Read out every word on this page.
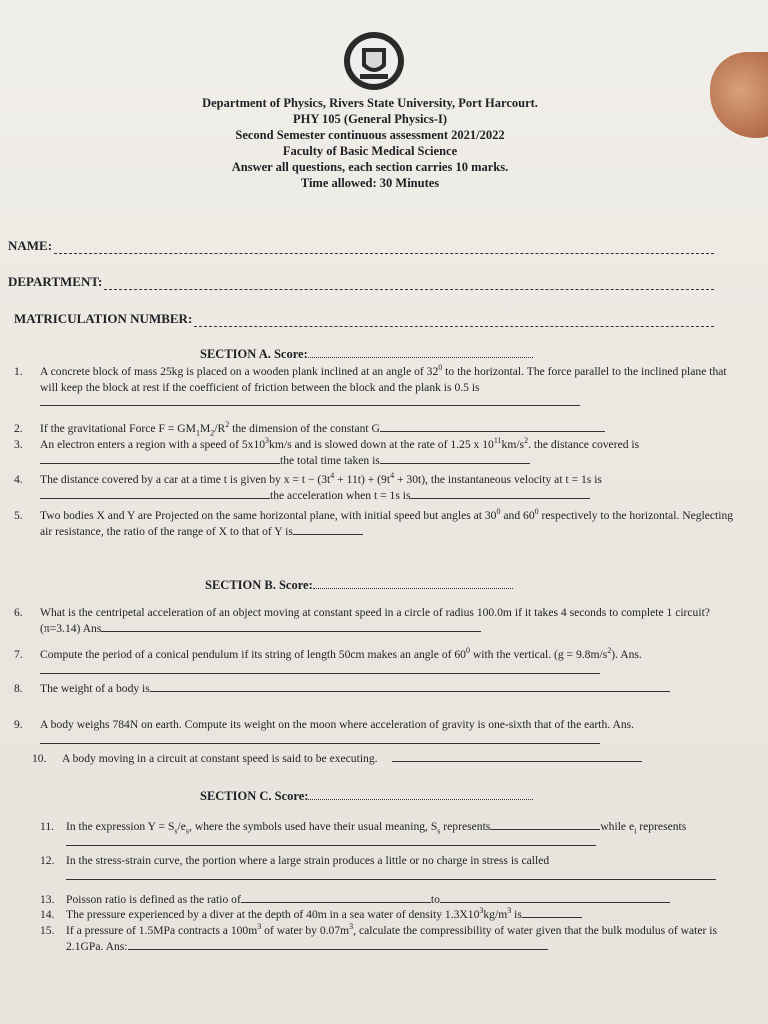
Department of Physics, Rivers State University, Port Harcourt.
PHY 105 (General Physics-I)
Second Semester continuous assessment 2021/2022
Faculty of Basic Medical Science
Answer all questions, each section carries 10 marks.
Time allowed: 30 Minutes
NAME:
DEPARTMENT:
MATRICULATION NUMBER:
SECTION A. Score:
1.	A concrete block of mass 25kg is placed on a wooden plank inclined at an angle of $32^0$ to the horizontal. The force parallel to the inclined plane that will keep the block at rest if the coefficient of friction between the block and the plank is 0.5 is
2.	If the gravitational Force $F = GM_1M_2/R^2$ the dimension of the constant G
3.	An electron enters a region with a speed of $5x10^3km/s$ and is slowed down at the rate of 1.25 x $10^{11}km/s^2$. the distance covered isthe total time taken is
4.	The distance covered by a car at a time t is given by $x = t - (3t^4 + 11t) + (9t^4 + 30t)$, the instantaneous velocity at t = 1s isthe acceleration when t = 1s is
5.	Two bodies X and Y are Projected on the same horizontal plane, with initial speed but angles at $30^0$ and $60^0$ respectively to the horizontal. Neglecting air resistance, the ratio of the range of X to that of Y is
SECTION B. Score:
6.	What is the centripetal acceleration of an object moving at constant speed in a circle of radius 100.0m if it takes 4 seconds to complete 1 circuit? (π=3.14) Ans
7.	Compute the period of a conical pendulum if its string of length 50cm makes an angle of $60^0$ with the vertical. $(g = 9.8m/s^2)$. Ans.
8.	The weight of a body is
9.	A body weighs 784N on earth. Compute its weight on the moon where acceleration of gravity is one-sixth that of the earth. Ans.
10.	A body moving in a circuit at constant speed is said to be executing.
SECTION C. Score:
11.	In the expression $Y = S_s/e_s$, where the symbols used have their usual meaning, $S_s$ represents	while $e_i$ represents
12. In the stress-strain curve, the portion where a large strain produces a little or no charge in stress is called
13. Poisson ratio is defined as the ratio of	to
14. The pressure experienced by a diver at the depth of 40m in a sea water of density $1.3X10^3kg/m^3$ is
15. If a pressure of 1.5MPa contracts a $100m^3$ of water by $0.07m^3$, calculate the compressibility of water given that the bulk modulus of water is 2.1GPa. Ans:
